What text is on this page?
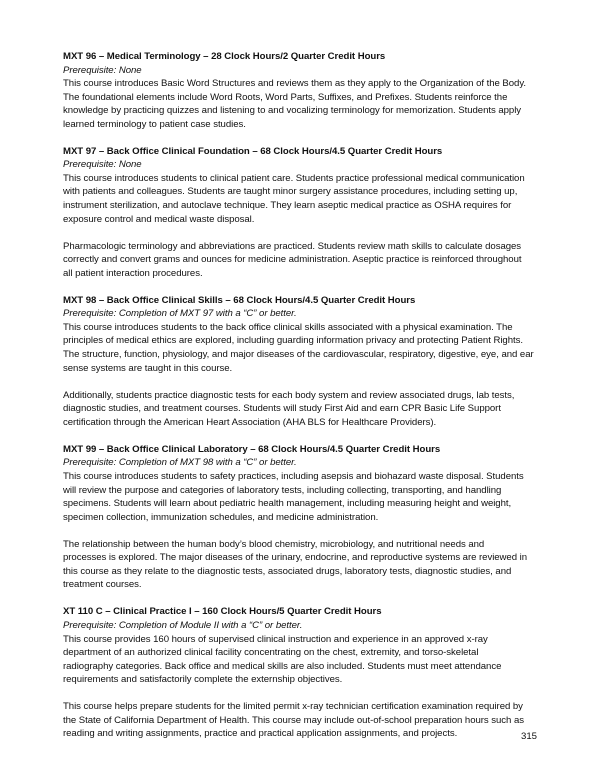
MXT 96 – Medical Terminology – 28 Clock Hours/2 Quarter Credit Hours
Prerequisite: None
This course introduces Basic Word Structures and reviews them as they apply to the Organization of the Body.
The foundational elements include Word Roots, Word Parts, Suffixes, and Prefixes. Students reinforce the
knowledge by practicing quizzes and listening to and vocalizing terminology for memorization. Students apply
learned terminology to patient case studies.
MXT 97 – Back Office Clinical Foundation – 68 Clock Hours/4.5 Quarter Credit Hours
Prerequisite: None
This course introduces students to clinical patient care. Students practice professional medical communication
with patients and colleagues. Students are taught minor surgery assistance procedures, including setting up,
instrument sterilization, and autoclave technique. They learn aseptic medical practice as OSHA requires for
exposure control and medical waste disposal.
Pharmacologic terminology and abbreviations are practiced. Students review math skills to calculate dosages
correctly and convert grams and ounces for medicine administration. Aseptic practice is reinforced throughout
all patient interaction procedures.
MXT 98 – Back Office Clinical Skills – 68 Clock Hours/4.5 Quarter Credit Hours
Prerequisite: Completion of MXT 97 with a “C” or better.
This course introduces students to the back office clinical skills associated with a physical examination. The
principles of medical ethics are explored, including guarding information privacy and protecting Patient Rights.
The structure, function, physiology, and major diseases of the cardiovascular, respiratory, digestive, eye, and ear
sense systems are taught in this course.
Additionally, students practice diagnostic tests for each body system and review associated drugs, lab tests,
diagnostic studies, and treatment courses. Students will study First Aid and earn CPR Basic Life Support
certification through the American Heart Association (AHA BLS for Healthcare Providers).
MXT 99 – Back Office Clinical Laboratory – 68 Clock Hours/4.5 Quarter Credit Hours
Prerequisite: Completion of MXT 98 with a “C” or better.
This course introduces students to safety practices, including asepsis and biohazard waste disposal. Students
will review the purpose and categories of laboratory tests, including collecting, transporting, and handling
specimens. Students will learn about pediatric health management, including measuring height and weight,
specimen collection, immunization schedules, and medicine administration.
The relationship between the human body’s blood chemistry, microbiology, and nutritional needs and
processes is explored. The major diseases of the urinary, endocrine, and reproductive systems are reviewed in
this course as they relate to the diagnostic tests, associated drugs, laboratory tests, diagnostic studies, and
treatment courses.
XT 110 C – Clinical Practice I – 160 Clock Hours/5 Quarter Credit Hours
Prerequisite: Completion of Module II with a “C” or better.
This course provides 160 hours of supervised clinical instruction and experience in an approved x-ray
department of an authorized clinical facility concentrating on the chest, extremity, and torso-skeletal
radiography categories. Back office and medical skills are also included. Students must meet attendance
requirements and satisfactorily complete the externship objectives.
This course helps prepare students for the limited permit x-ray technician certification examination required by
the State of California Department of Health. This course may include out-of-school preparation hours such as
reading and writing assignments, practice and practical application assignments, and projects.	315
